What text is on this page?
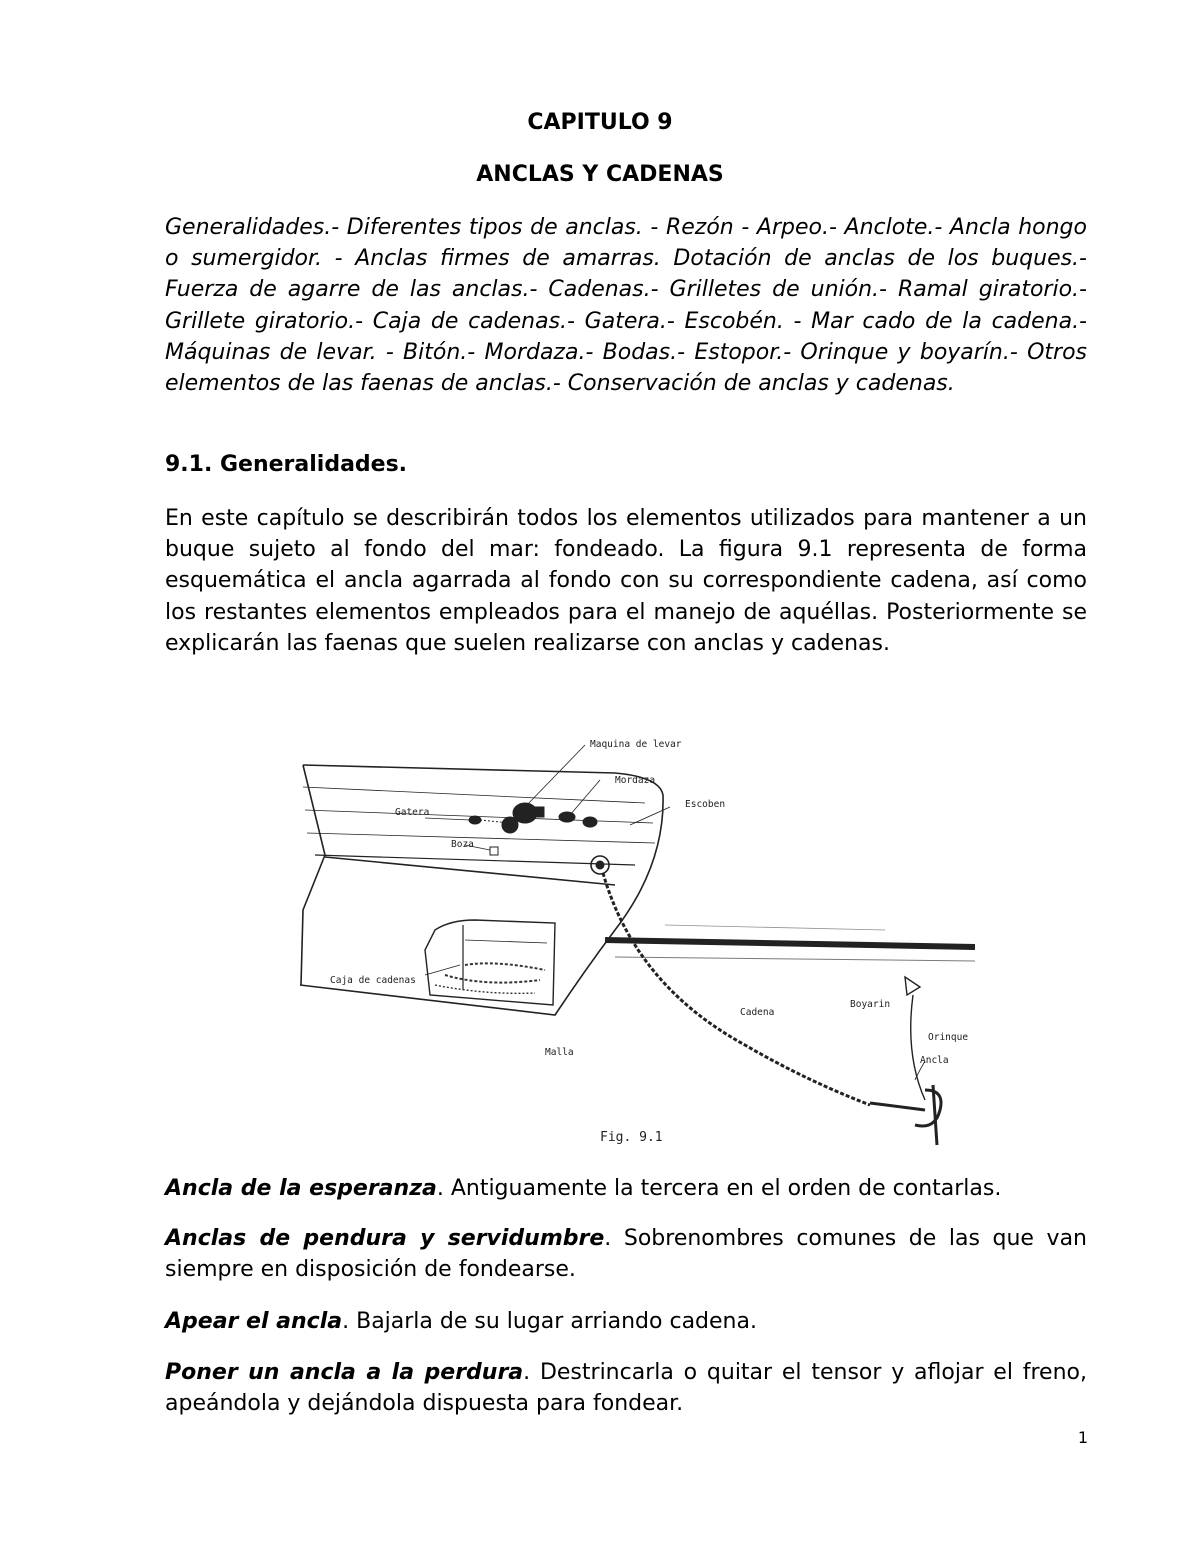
CAPITULO 9

ANCLAS Y CADENAS

Generalidades.- Diferentes tipos de anclas. - Rezón - Arpeo.- Anclote.- Ancla hongo o sumergidor. - Anclas firmes de amarras. Dotación de anclas de los buques.- Fuerza de agarre de las anclas.- Cadenas.- Grilletes de unión.- Ramal giratorio.- Grillete giratorio.- Caja de cadenas.- Gatera.- Escobén. - Mar cado de la cadena.- Máquinas de levar. - Bitón.- Mordaza.- Bodas.- Estopor.- Orinque y boyarín.- Otros elementos de las faenas de anclas.- Conservación de anclas y cadenas.

9.1. Generalidades.

En este capítulo se describirán todos los elementos utilizados para mantener a un buque sujeto al fondo del mar: fondeado. La figura 9.1 representa de forma esquemática el ancla agarrada al fondo con su correspondiente cadena, así como los restantes elementos empleados para el manejo de aquéllas. Posteriormente se explicarán las faenas que suelen realizarse con anclas y cadenas.

Maquina de levar
Mordaza
Escoben
Gatera
Boza
Caja de cadenas
Cadena
Boyarin
Orinque
Ancla
Malla
Fig. 9.1

Ancla de la esperanza. Antiguamente la tercera en el orden de contarlas.

Anclas de pendura y servidumbre. Sobrenombres comunes de las que van siempre en disposición de fondearse.

Apear el ancla. Bajarla de su lugar arriando cadena.

Poner un ancla a la perdura. Destrincarla o quitar el tensor y aflojar el freno, apeándola y dejándola dispuesta para fondear.

1
